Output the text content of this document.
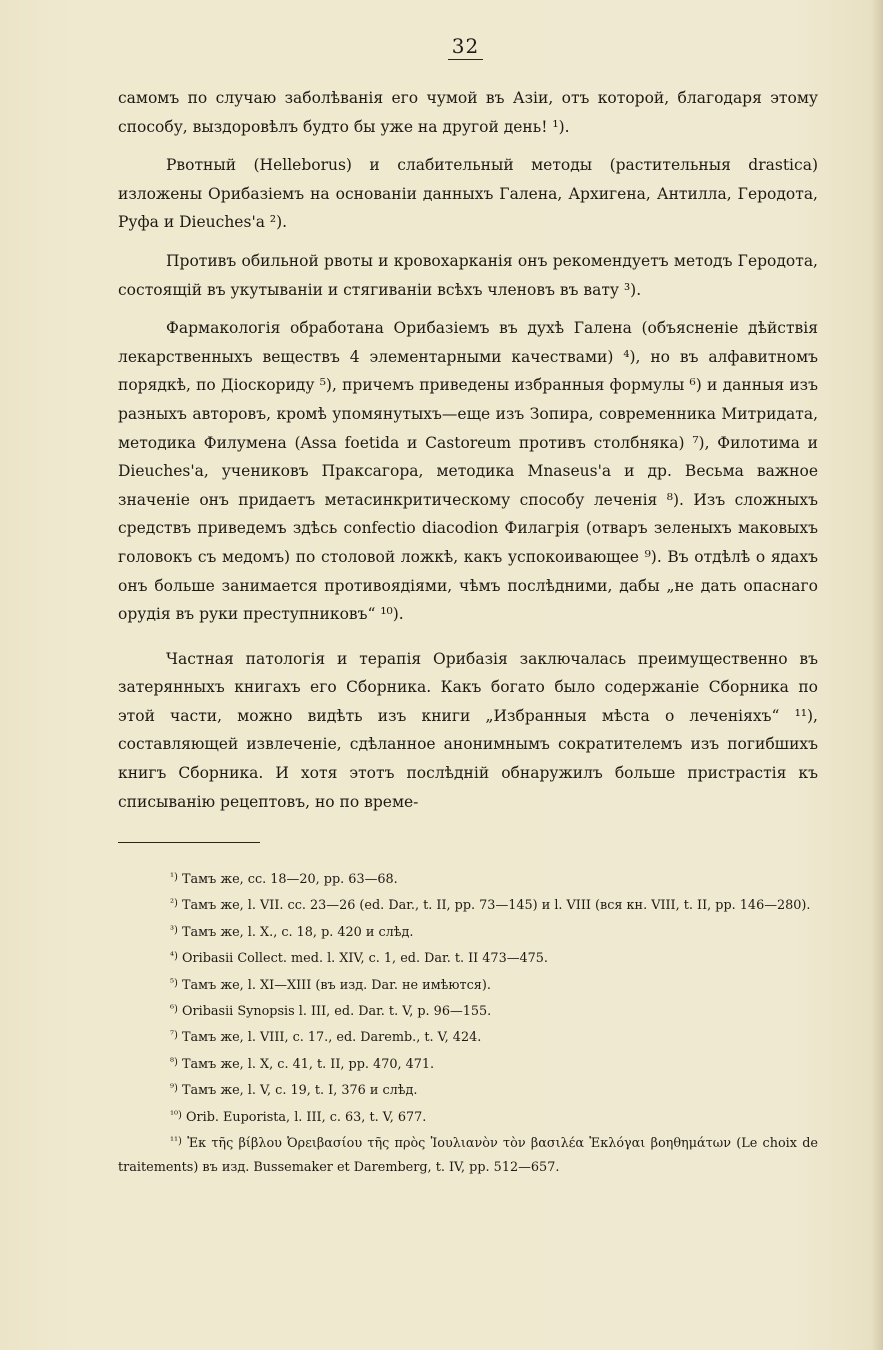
32

самомъ по случаю заболѣванія его чумой въ Азіи, отъ которой, благодаря этому способу, выздоровѣлъ будто бы уже на другой день! ¹).

Рвотный (Helleborus) и слабительный методы (растительныя drastica) изложены Орибазіемъ на основаніи данныхъ Галена, Архигена, Антилла, Геродота, Руфа и Dieuches'а ²).

Противъ обильной рвоты и кровохарканія онъ рекомендуетъ методъ Геродота, состоящій въ укутываніи и стягиваніи всѣхъ членовъ въ вату ³).

Фармакологія обработана Орибазіемъ въ духѣ Галена (объясненіе дѣйствія лекарственныхъ веществъ 4 элементарными качествами) ⁴), но въ алфавитномъ порядкѣ, по Діоскориду ⁵), причемъ приведены избранныя формулы ⁶) и данныя изъ разныхъ авторовъ, кромѣ упомянутыхъ—еще изъ Зопира, современника Митридата, методика Филумена (Assa foetida и Castoreum противъ столбняка) ⁷), Филотима и Dieuches'а, учениковъ Праксагора, методика Mnaseus'а и др. Весьма важное значеніе онъ придаетъ метасинкритическому способу леченія ⁸). Изъ сложныхъ средствъ приведемъ здѣсь confectio diacodion Филагрія (отваръ зеленыхъ маковыхъ головокъ съ медомъ) по столовой ложкѣ, какъ успокоивающее ⁹). Въ отдѣлѣ о ядахъ онъ больше занимается противоядіями, чѣмъ послѣдними, дабы „не дать опаснаго орудія въ руки преступниковъ“ ¹⁰).

Частная патологія и терапія Орибазія заключалась преимущественно въ затерянныхъ книгахъ его Сборника. Какъ богато было содержаніе Сборника по этой части, можно видѣть изъ книги „Избранныя мѣста о леченіяхъ“ ¹¹), составляющей извлеченіе, сдѣланное анонимнымъ сократителемъ изъ погибшихъ книгъ Сборника. И хотя этотъ послѣдній обнаружилъ больше пристрастія къ списыванію рецептовъ, но по време-

$^{^1)}$ Тамъ же, сс. 18—20, pp. 63—68.

$^{^2)}$ Тамъ же, l. VII. сс. 23—26 (ed. Dar., t. II, pp. 73—145) и l. VIII (вся кн. VIII, t. II, pp. 146—280).

$^{^3)}$ Тамъ же, l. X., c. 18, p. 420 и слѣд.

$^{^4)}$ Oribasii Collect. med. l. XIV, c. 1, ed. Dar. t. II 473—475.

$^{^5)}$ Тамъ же, l. XI—XIII (въ изд. Dar. не имѣются).

$^{^6)}$ Oribasii Synopsis l. III, ed. Dar. t. V, p. 96—155.

$^{^7)}$ Тамъ же, l. VIII, c. 17., ed. Daremb., t. V, 424.

$^{^8)}$ Тамъ же, l. X, c. 41, t. II, pp. 470, 471.

$^{^9)}$ Тамъ же, l. V, c. 19, t. I, 376 и слѣд.

$^{^{10})}$ Orib. Euporista, l. III, c. 63, t. V, 677.

$^{^{11})}$ Ἐκ τῆς βίβλου Ὀρειβασίου τῆς πρὸς Ἰουλιανὸν τὸν βασιλέα Ἐκλόγαι βοηθημάτων (Le choix de traitements) въ изд. Bussemaker et Daremberg, t. IV, pp. 512—657.
